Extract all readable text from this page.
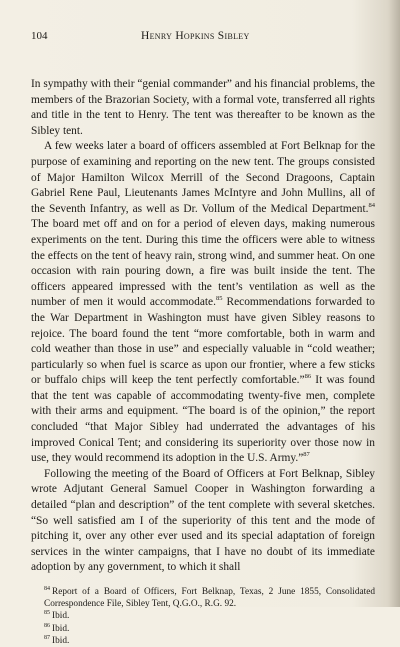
104	Henry Hopkins Sibley

In sympathy with their “genial commander” and his financial problems, the members of the Brazorian Society, with a formal vote, transferred all rights and title in the tent to Henry. The tent was thereafter to be known as the Sibley tent.

A few weeks later a board of officers assembled at Fort Belknap for the purpose of examining and reporting on the new tent. The groups consisted of Major Hamilton Wilcox Merrill of the Second Dragoons, Captain Gabriel Rene Paul, Lieutenants James McIntyre and John Mullins, all of the Seventh Infantry, as well as Dr. Vollum of the Medical Department.$^{84}$ The board met off and on for a period of eleven days, making numerous experiments on the tent. During this time the officers were able to witness the effects on the tent of heavy rain, strong wind, and summer heat. On one occasion with rain pouring down, a fire was built inside the tent. The officers appeared impressed with the tent’s ventilation as well as the number of men it would accommodate.$^{85}$ Recommendations forwarded to the War Department in Washington must have given Sibley reasons to rejoice. The board found the tent “more comfortable, both in warm and cold weather than those in use” and especially valuable in “cold weather; particularly so when fuel is scarce as upon our frontier, where a few sticks or buffalo chips will keep the tent perfectly comfortable.”$^{86}$ It was found that the tent was capable of accommodating twenty-five men, complete with their arms and equipment. “The board is of the opinion,” the report concluded “that Major Sibley had underrated the advantages of his improved Conical Tent; and considering its superiority over those now in use, they would recommend its adoption in the U.S. Army.”$^{87}$

Following the meeting of the Board of Officers at Fort Belknap, Sibley wrote Adjutant General Samuel Cooper in Washington forwarding a detailed “plan and description” of the tent complete with several sketches. “So well satisfied am I of the superiority of this tent and the mode of pitching it, over any other ever used and its special adaptation of foreign services in the winter campaigns, that I have no doubt of its immediate adoption by any government, to which it shall

$^{84}$ Report of a Board of Officers, Fort Belknap, Texas, 2 June 1855, Consolidated Correspondence File, Sibley Tent, Q.G.O., R.G. 92.

$^{85}$ Ibid.

$^{86}$ Ibid.

$^{87}$ Ibid.
